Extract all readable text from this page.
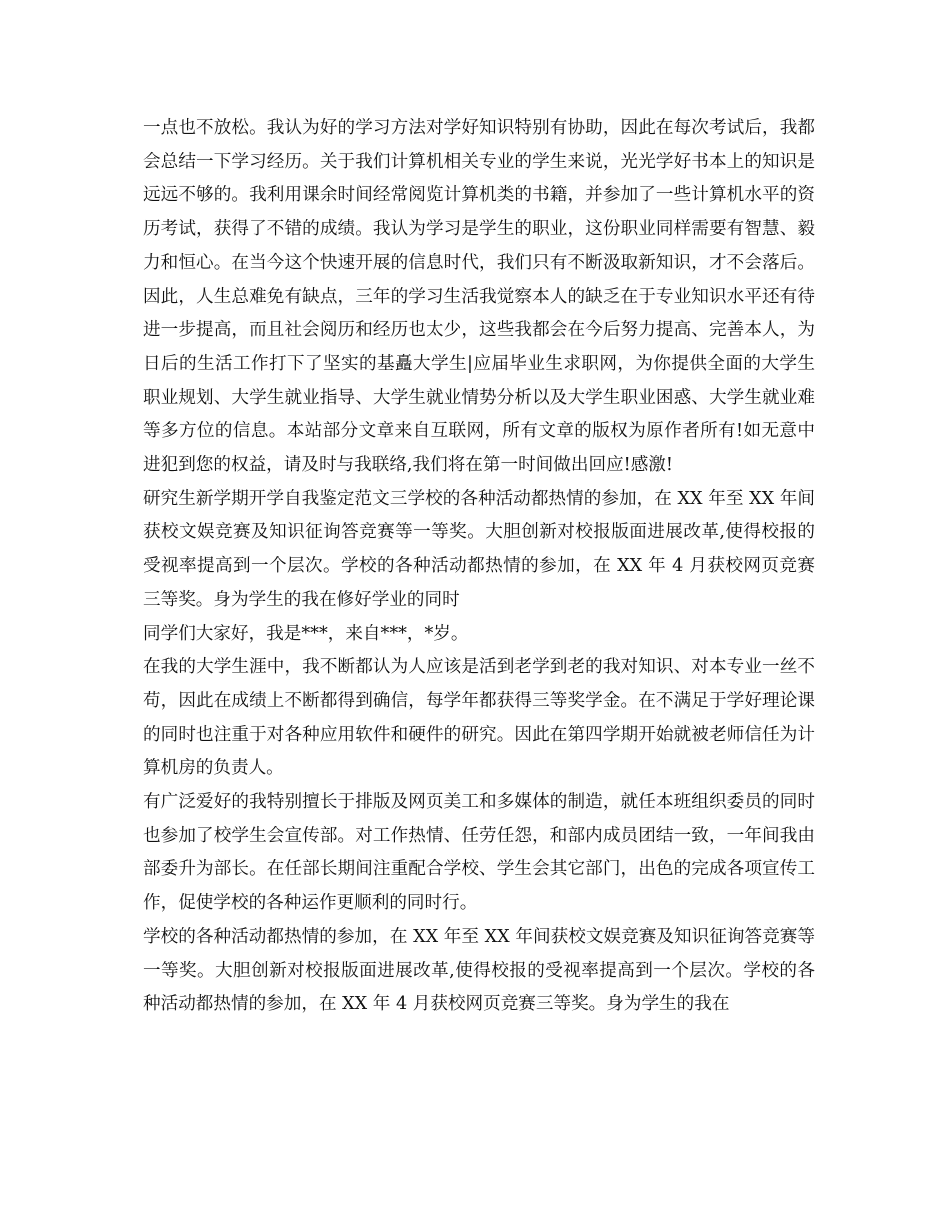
一点也不放松。我认为好的学习方法对学好知识特别有协助，因此在每次考试后，我都会总结一下学习经历。关于我们计算机相关专业的学生来说，光光学好书本上的知识是远远不够的。我利用课余时间经常阅览计算机类的书籍，并参加了一些计算机水平的资历考试，获得了不错的成绩。我认为学习是学生的职业，这份职业同样需要有智慧、毅力和恒心。在当今这个快速开展的信息时代，我们只有不断汲取新知识，才不会落后。因此，人生总难免有缺点，三年的学习生活我觉察本人的缺乏在于专业知识水平还有待进一步提高，而且社会阅历和经历也太少，这些我都会在今后努力提高、完善本人，为日后的生活工作打下了坚实的基矗大学生|应届毕业生求职网，为你提供全面的大学生职业规划、大学生就业指导、大学生就业情势分析以及大学生职业困惑、大学生就业难等多方位的信息。本站部分文章来自互联网，所有文章的版权为原作者所有!如无意中进犯到您的权益，请及时与我联络,我们将在第一时间做出回应!感激!

研究生新学期开学自我鉴定范文三学校的各种活动都热情的参加，在 XX 年至 XX 年间获校文娱竞赛及知识征询答竞赛等一等奖。大胆创新对校报版面进展改革,使得校报的受视率提高到一个层次。学校的各种活动都热情的参加，在 XX 年 4 月获校网页竞赛三等奖。身为学生的我在修好学业的同时

同学们大家好，我是***，来自***，*岁。

在我的大学生涯中，我不断都认为人应该是活到老学到老的我对知识、对本专业一丝不苟，因此在成绩上不断都得到确信，每学年都获得三等奖学金。在不满足于学好理论课的同时也注重于对各种应用软件和硬件的研究。因此在第四学期开始就被老师信任为计算机房的负责人。

有广泛爱好的我特别擅长于排版及网页美工和多媒体的制造，就任本班组织委员的同时也参加了校学生会宣传部。对工作热情、任劳任怨，和部内成员团结一致，一年间我由部委升为部长。在任部长期间注重配合学校、学生会其它部门，出色的完成各项宣传工作，促使学校的各种运作更顺利的同时行。

学校的各种活动都热情的参加，在 XX 年至 XX 年间获校文娱竞赛及知识征询答竞赛等一等奖。大胆创新对校报版面进展改革,使得校报的受视率提高到一个层次。学校的各种活动都热情的参加，在 XX 年 4 月获校网页竞赛三等奖。身为学生的我在
